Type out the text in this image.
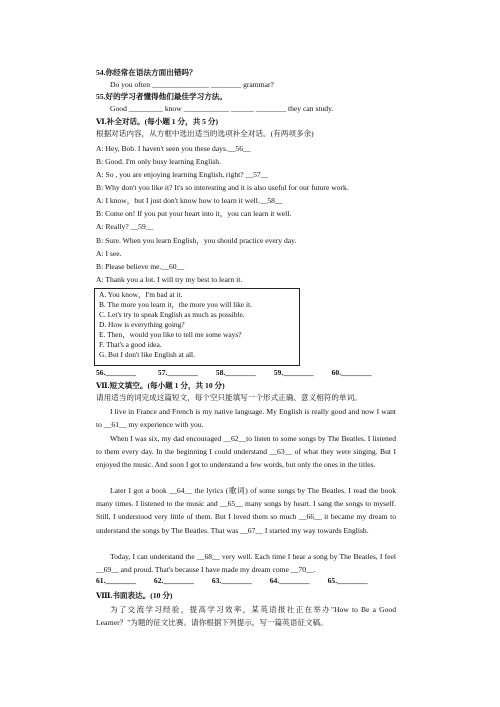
54.你经常在语法方面出错吗？
Do you often _______________ ________ grammar?
55.好的学习者懂得他们最佳学习方法。
Good _________ know ____________ ______ ________ they can study.
Ⅵ.补全对话。(每小题 1 分，共 5 分)
根据对话内容，从方框中选出适当的选项补全对话。(有两项多余)
A: Hey, Bob. I haven't seen you these days.__56__
B: Good. I'm only busy learning English.
A: So , you are enjoying learning English, right? __57__
B: Why don't you like it? It's so interesting and it is also useful for our future work.
A: I know，but I just don't know how to learn it well.__58__
B: Come on! If you put your heart into it，you can learn it well.
A: Really? __59__
B: Sure. When you learn English，you should practice every day.
A: I see.
B: Please believe me.__60__
A: Thank you a lot. I will try my best to learn it.
A. You know，I'm bad at it.
B. The more you learn it，the more you will like it.
C. Let's try to speak English as much as possible.
D. How is everything going?
E. Then，would you like to tell me some ways?
F. That's a good idea.
G. But I don't like English at all.
56.________	57.________ 58.________ 59.________ 60.________
Ⅶ.短文填空。(每小题 1 分，共 10 分)
请用适当的词完成这篇短文，每个空只能填写一个形式正确、意义相符的单词。
I live in France and French is my native language. My English is really good and now I want to __61__ my experience with you.
When I was six, my dad encouraged __62__to listen to some songs by The Beatles. I listened to them every day. In the beginning I could understand __63__ of what they were singing. But I enjoyed the music. And soon I got to understand a few words, but only the ones in the titles.
Later I got a book __64__ the lyrics (歌词) of some songs by The Beatles. I read the book many times. I listened to the music and __65__ many songs by heart. I sang the songs to myself. Still, I understood very little of them. But I loved them so much __66__ it became my dream to understand the songs by The Beatles. That was __67__ I started my way towards English.
Today, I can understand the __68__ very well. Each time I hear a song by The Beatles, I feel __69__ and proud. That's because I have made my dream come __70__.
61.________ 62.________ 63.________ 64.________ 65.________
Ⅷ.书面表达。(10 分)
为了交流学习经验，提高学习效率，某英语报社正在举办"How to Be a Good Learner？"为题的征文比赛。请你根据下列提示，写一篇英语征文稿。
